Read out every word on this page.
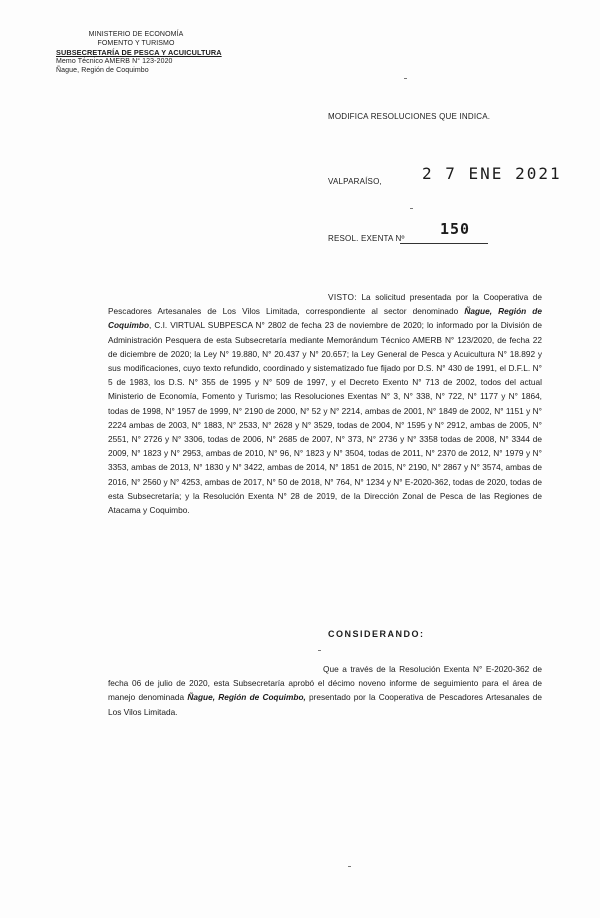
MINISTERIO DE ECONOMÍA
FOMENTO Y TURISMO
SUBSECRETARÍA DE PESCA Y ACUICULTURA
Memo Técnico AMERB N° 123-2020
Ñague, Región de Coquimbo
MODIFICA RESOLUCIONES QUE INDICA.
VALPARAÍSO,	2 7 ENE 2021
RESOL. EXENTA Nº
150
VISTO: La solicitud presentada por la Cooperativa de Pescadores Artesanales de Los Vilos Limitada, correspondiente al sector denominado Ñague, Región de Coquimbo, C.I. VIRTUAL SUBPESCA N° 2802 de fecha 23 de noviembre de 2020; lo informado por la División de Administración Pesquera de esta Subsecretaría mediante Memorándum Técnico AMERB N° 123/2020, de fecha 22 de diciembre de 2020; la Ley N° 19.880, N° 20.437 y N° 20.657; la Ley General de Pesca y Acuicultura N° 18.892 y sus modificaciones, cuyo texto refundido, coordinado y sistematizado fue fijado por D.S. N° 430 de 1991, el D.F.L. N° 5 de 1983, los D.S. N° 355 de 1995 y N° 509 de 1997, y el Decreto Exento N° 713 de 2002, todos del actual Ministerio de Economía, Fomento y Turismo; las Resoluciones Exentas N° 3, N° 338, N° 722, N° 1177 y N° 1864, todas de 1998, N° 1957 de 1999, N° 2190 de 2000, N° 52 y N° 2214, ambas de 2001, N° 1849 de 2002, N° 1151 y N° 2224 ambas de 2003, N° 1883, N° 2533, N° 2628 y N° 3529, todas de 2004, N° 1595 y N° 2912, ambas de 2005, N° 2551, N° 2726 y N° 3306, todas de 2006, N° 2685 de 2007, N° 373, N° 2736 y N° 3358 todas de 2008, N° 3344 de 2009, N° 1823 y N° 2953, ambas de 2010, N° 96, N° 1823 y N° 3504, todas de 2011, N° 2370 de 2012, N° 1979 y N° 3353, ambas de 2013, N° 1830 y N° 3422, ambas de 2014, N° 1851 de 2015, N° 2190, N° 2867 y N° 3574, ambas de 2016, N° 2560 y N° 4253, ambas de 2017, N° 50 de 2018, N° 764, N° 1234 y N° E-2020-362, todas de 2020, todas de esta Subsecretaría; y la Resolución Exenta N° 28 de 2019, de la Dirección Zonal de Pesca de las Regiones de Atacama y Coquimbo.
CONSIDERANDO:
Que a través de la Resolución Exenta N° E-2020-362 de fecha 06 de julio de 2020, esta Subsecretaría aprobó el décimo noveno informe de seguimiento para el área de manejo denominada Ñague, Región de Coquimbo, presentado por la Cooperativa de Pescadores Artesanales de Los Vilos Limitada.
